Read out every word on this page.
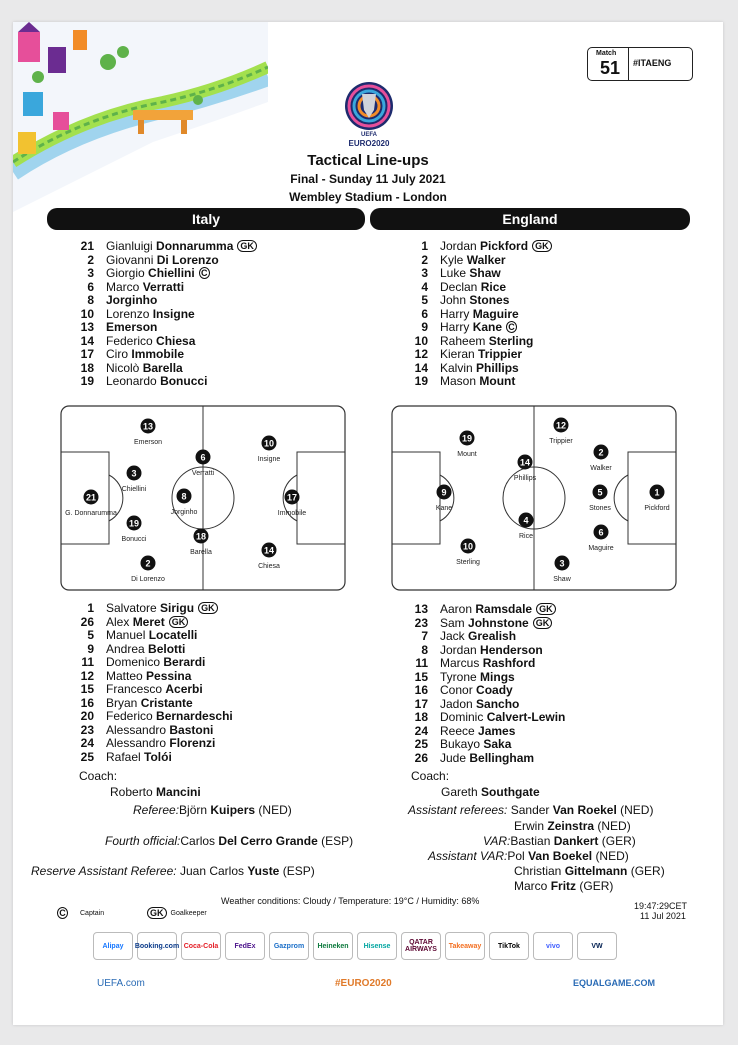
Match
51 #ITAENG
UEFA
EURO2020
Tactical Line-ups
Final - Sunday 11 July 2021
Wembley Stadium - London
Italy	England
21 Gianluigi Donnarumma GK
2 Giovanni Di Lorenzo
3 Giorgio Chiellini C
6 Marco Verratti
8 Jorginho
10 Lorenzo Insigne
13 Emerson
14 Federico Chiesa
17 Ciro Immobile
18 Nicolò Barella
19 Leonardo Bonucci
1 Jordan Pickford GK
2 Kyle Walker
3 Luke Shaw
4 Declan Rice
5 John Stones
6 Harry Maguire
9 Harry Kane C
10 Raheem Sterling
12 Kieran Trippier
14 Kalvin Phillips
19 Mason Mount
13
Emerson	10
Insigne
6
Verratti
3
Chiellini
21
G. Donnarumma
8
Jorginho
17
Immobile
19
Bonucci	18
Barella	14
Chiesa
2
Di Lorenzo
12
Trippier
19
Mount	2
Walker
14
Phillips
9
Kane
5
Stones
1
Pickford
4
Rice	6
Maguire
10
Sterling	3
Shaw
1 Salvatore Sirigu GK
26 Alex Meret GK
5 Manuel Locatelli
9 Andrea Belotti
11 Domenico Berardi
12 Matteo Pessina
15 Francesco Acerbi
16 Bryan Cristante
20 Federico Bernardeschi
23 Alessandro Bastoni
24 Alessandro Florenzi
25 Rafael Tolói
13 Aaron Ramsdale GK
23 Sam Johnstone GK
7 Jack Grealish
8 Jordan Henderson
11 Marcus Rashford
15 Tyrone Mings
16 Conor Coady
17 Jadon Sancho
18 Dominic Calvert-Lewin
24 Reece James
25 Bukayo Saka
26 Jude Bellingham
Coach:
Roberto Mancini
Coach:
Gareth Southgate
Referee:Björn Kuipers (NED)
Fourth official:Carlos Del Cerro Grande (ESP)
Reserve Assistant Referee: Juan Carlos Yuste (ESP)
Assistant referees: Sander Van Roekel (NED)
Erwin Zeinstra (NED)
VAR:Bastian Dankert (GER)
Assistant VAR:Pol Van Boekel (NED)
Christian Gittelmann (GER)
Marco Fritz (GER)
Weather conditions: Cloudy / Temperature: 19°C / Humidity: 68%	19:47:29CET
11 Jul 2021
C	Captain	GK	Goalkeeper
Alipay	Booking.com Coca-Cola	FedEx	Gazprom	Heineken	Hisense	QATAR AIRWAYS	Takeaway	TikTok	vivo	VW
UEFA.com	#EURO2020	EQUALGAME.COM
